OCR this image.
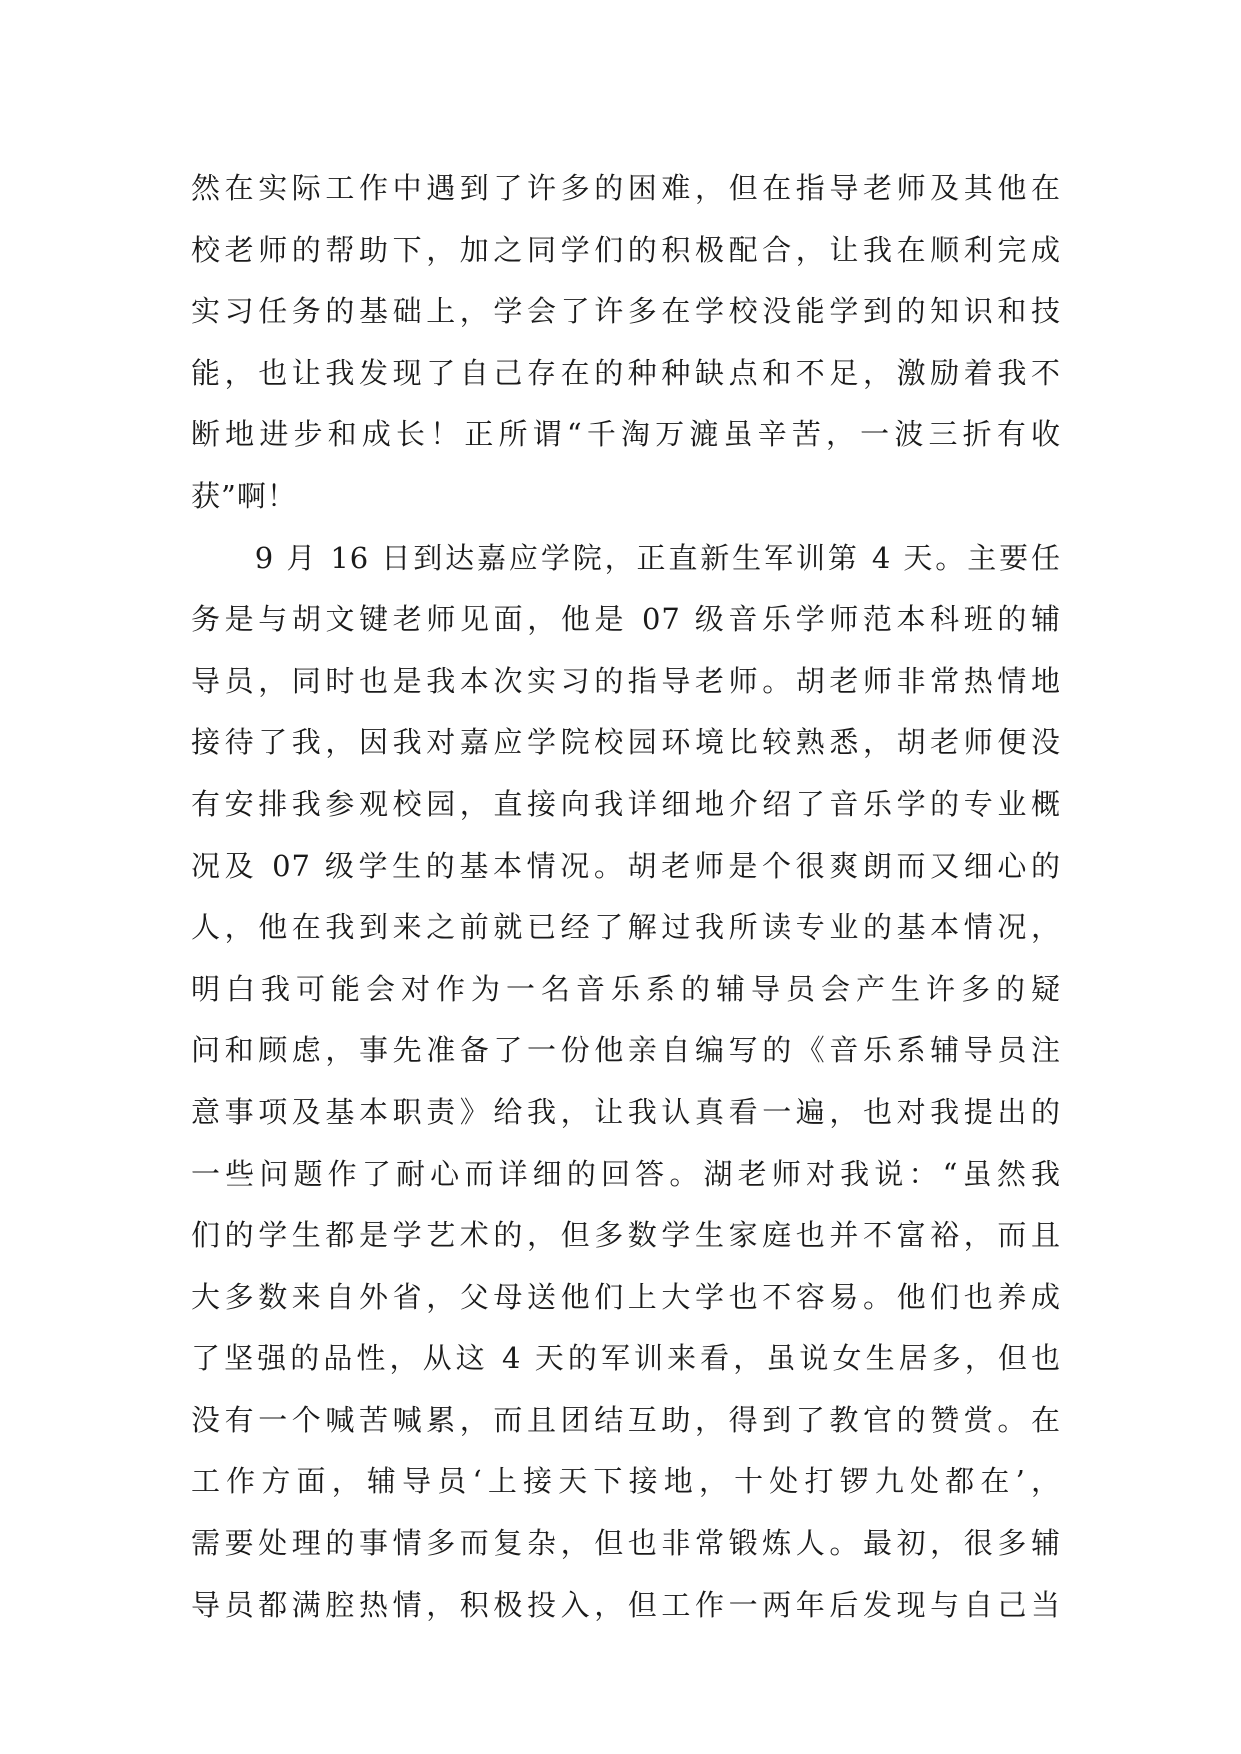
然在实际工作中遇到了许多的困难，但在指导老师及其他在
校老师的帮助下，加之同学们的积极配合，让我在顺利完成
实习任务的基础上，学会了许多在学校没能学到的知识和技
能，也让我发现了自己存在的种种缺点和不足，激励着我不
断地进步和成长！正所谓“千淘万漉虽辛苦，一波三折有收
获”啊！
　　9 月 16 日到达嘉应学院，正直新生军训第 4 天。主要任
务是与胡文键老师见面，他是 07 级音乐学师范本科班的辅
导员，同时也是我本次实习的指导老师。胡老师非常热情地
接待了我，因我对嘉应学院校园环境比较熟悉，胡老师便没
有安排我参观校园，直接向我详细地介绍了音乐学的专业概
况及 07 级学生的基本情况。胡老师是个很爽朗而又细心的
人，他在我到来之前就已经了解过我所读专业的基本情况，
明白我可能会对作为一名音乐系的辅导员会产生许多的疑
问和顾虑，事先准备了一份他亲自编写的《音乐系辅导员注
意事项及基本职责》给我，让我认真看一遍，也对我提出的
一些问题作了耐心而详细的回答。湖老师对我说：“虽然我
们的学生都是学艺术的，但多数学生家庭也并不富裕，而且
大多数来自外省，父母送他们上大学也不容易。他们也养成
了坚强的品性，从这 4 天的军训来看，虽说女生居多，但也
没有一个喊苦喊累，而且团结互助，得到了教官的赞赏。在
工作方面，辅导员‘上接天下接地，十处打锣九处都在’，
需要处理的事情多而复杂，但也非常锻炼人。最初，很多辅
导员都满腔热情，积极投入，但工作一两年后发现与自己当
